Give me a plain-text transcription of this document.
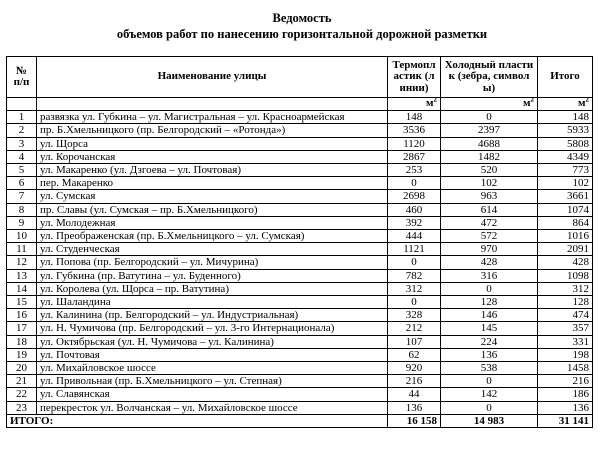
Ведомость
объемов работ по нанесению горизонтальной дорожной разметки
№ п/п	Наименование улицы	Термопластик (линии)	Холодный пластик (зебра, символы)	Итого
		$м^2$	$м^2$	$м^2$
1	развязка ул. Губкина – ул. Магистральная – ул. Красноармейская	148	0	148
2	пр. Б.Хмельницкого (пр. Белгородский – «Ротонда»)	3536	2397	5933
3	ул. Щорса	1120	4688	5808
4	ул. Корочанская	2867	1482	4349
5	ул. Макаренко (ул. Дзгоева – ул. Почтовая)	253	520	773
6	пер. Макаренко	0	102	102
7	ул. Сумская	2698	963	3661
8	пр. Славы (ул. Сумская – пр. Б.Хмельницкого)	460	614	1074
9	ул. Молодежная	392	472	864
10	ул. Преображенская (пр. Б.Хмельницкого – ул. Сумская)	444	572	1016
11	ул. Студенческая	1121	970	2091
12	ул. Попова (пр. Белгородский – ул. Мичурина)	0	428	428
13	ул. Губкина (пр. Ватутина – ул. Буденного)	782	316	1098
14	ул. Королева (ул. Щорса – пр. Ватутина)	312	0	312
15	ул. Шаландина	0	128	128
16	ул. Калинина (пр. Белгородский – ул. Индустриальная)	328	146	474
17	ул. Н. Чумичова (пр. Белгородский – ул. 3-го Интернационала)	212	145	357
18	ул. Октябрьская (ул. Н. Чумичова – ул. Калинина)	107	224	331
19	ул. Почтовая	62	136	198
20	ул. Михайловское шоссе	920	538	1458
21	ул. Привольная (пр. Б.Хмельницкого – ул. Степная)	216	0	216
22	ул. Славянская	44	142	186
23	перекресток ул. Волчанская – ул. Михайловское шоссе	136	0	136
ИТОГО:		16 158	14 983	31 141
